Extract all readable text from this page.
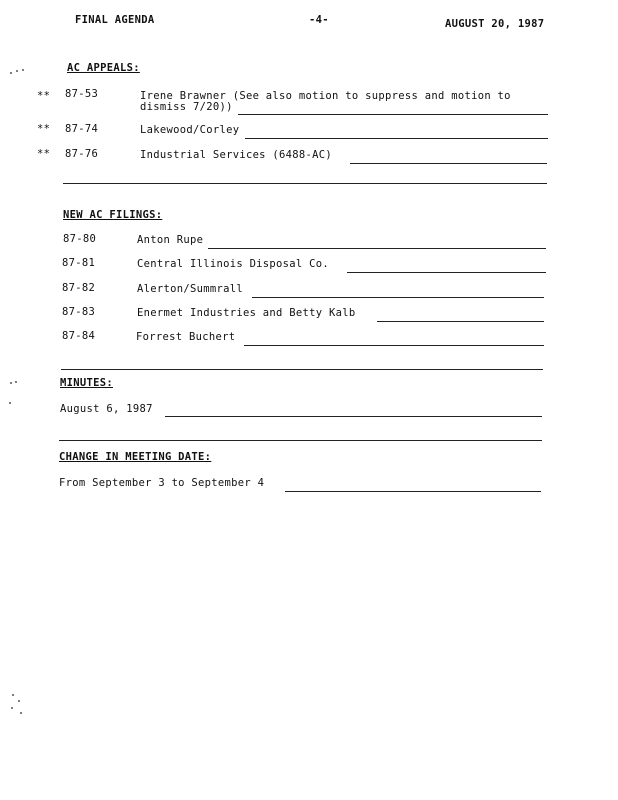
FINAL AGENDA	-4-	AUGUST 20, 1987
AC APPEALS:
** 87-53	Irene Brawner (See also motion to suppress and motion to
dismiss 7/20))
** 87-74	Lakewood/Corley
** 87-76	Industrial Services (6488-AC)
NEW AC FILINGS:
87-80	Anton Rupe
87-81	Central Illinois Disposal Co.
87-82	Alerton/Summrall
87-83	Enermet Industries and Betty Kalb
87-84	Forrest Buchert
MINUTES:
August 6, 1987
CHANGE IN MEETING DATE:
From September 3 to September 4
